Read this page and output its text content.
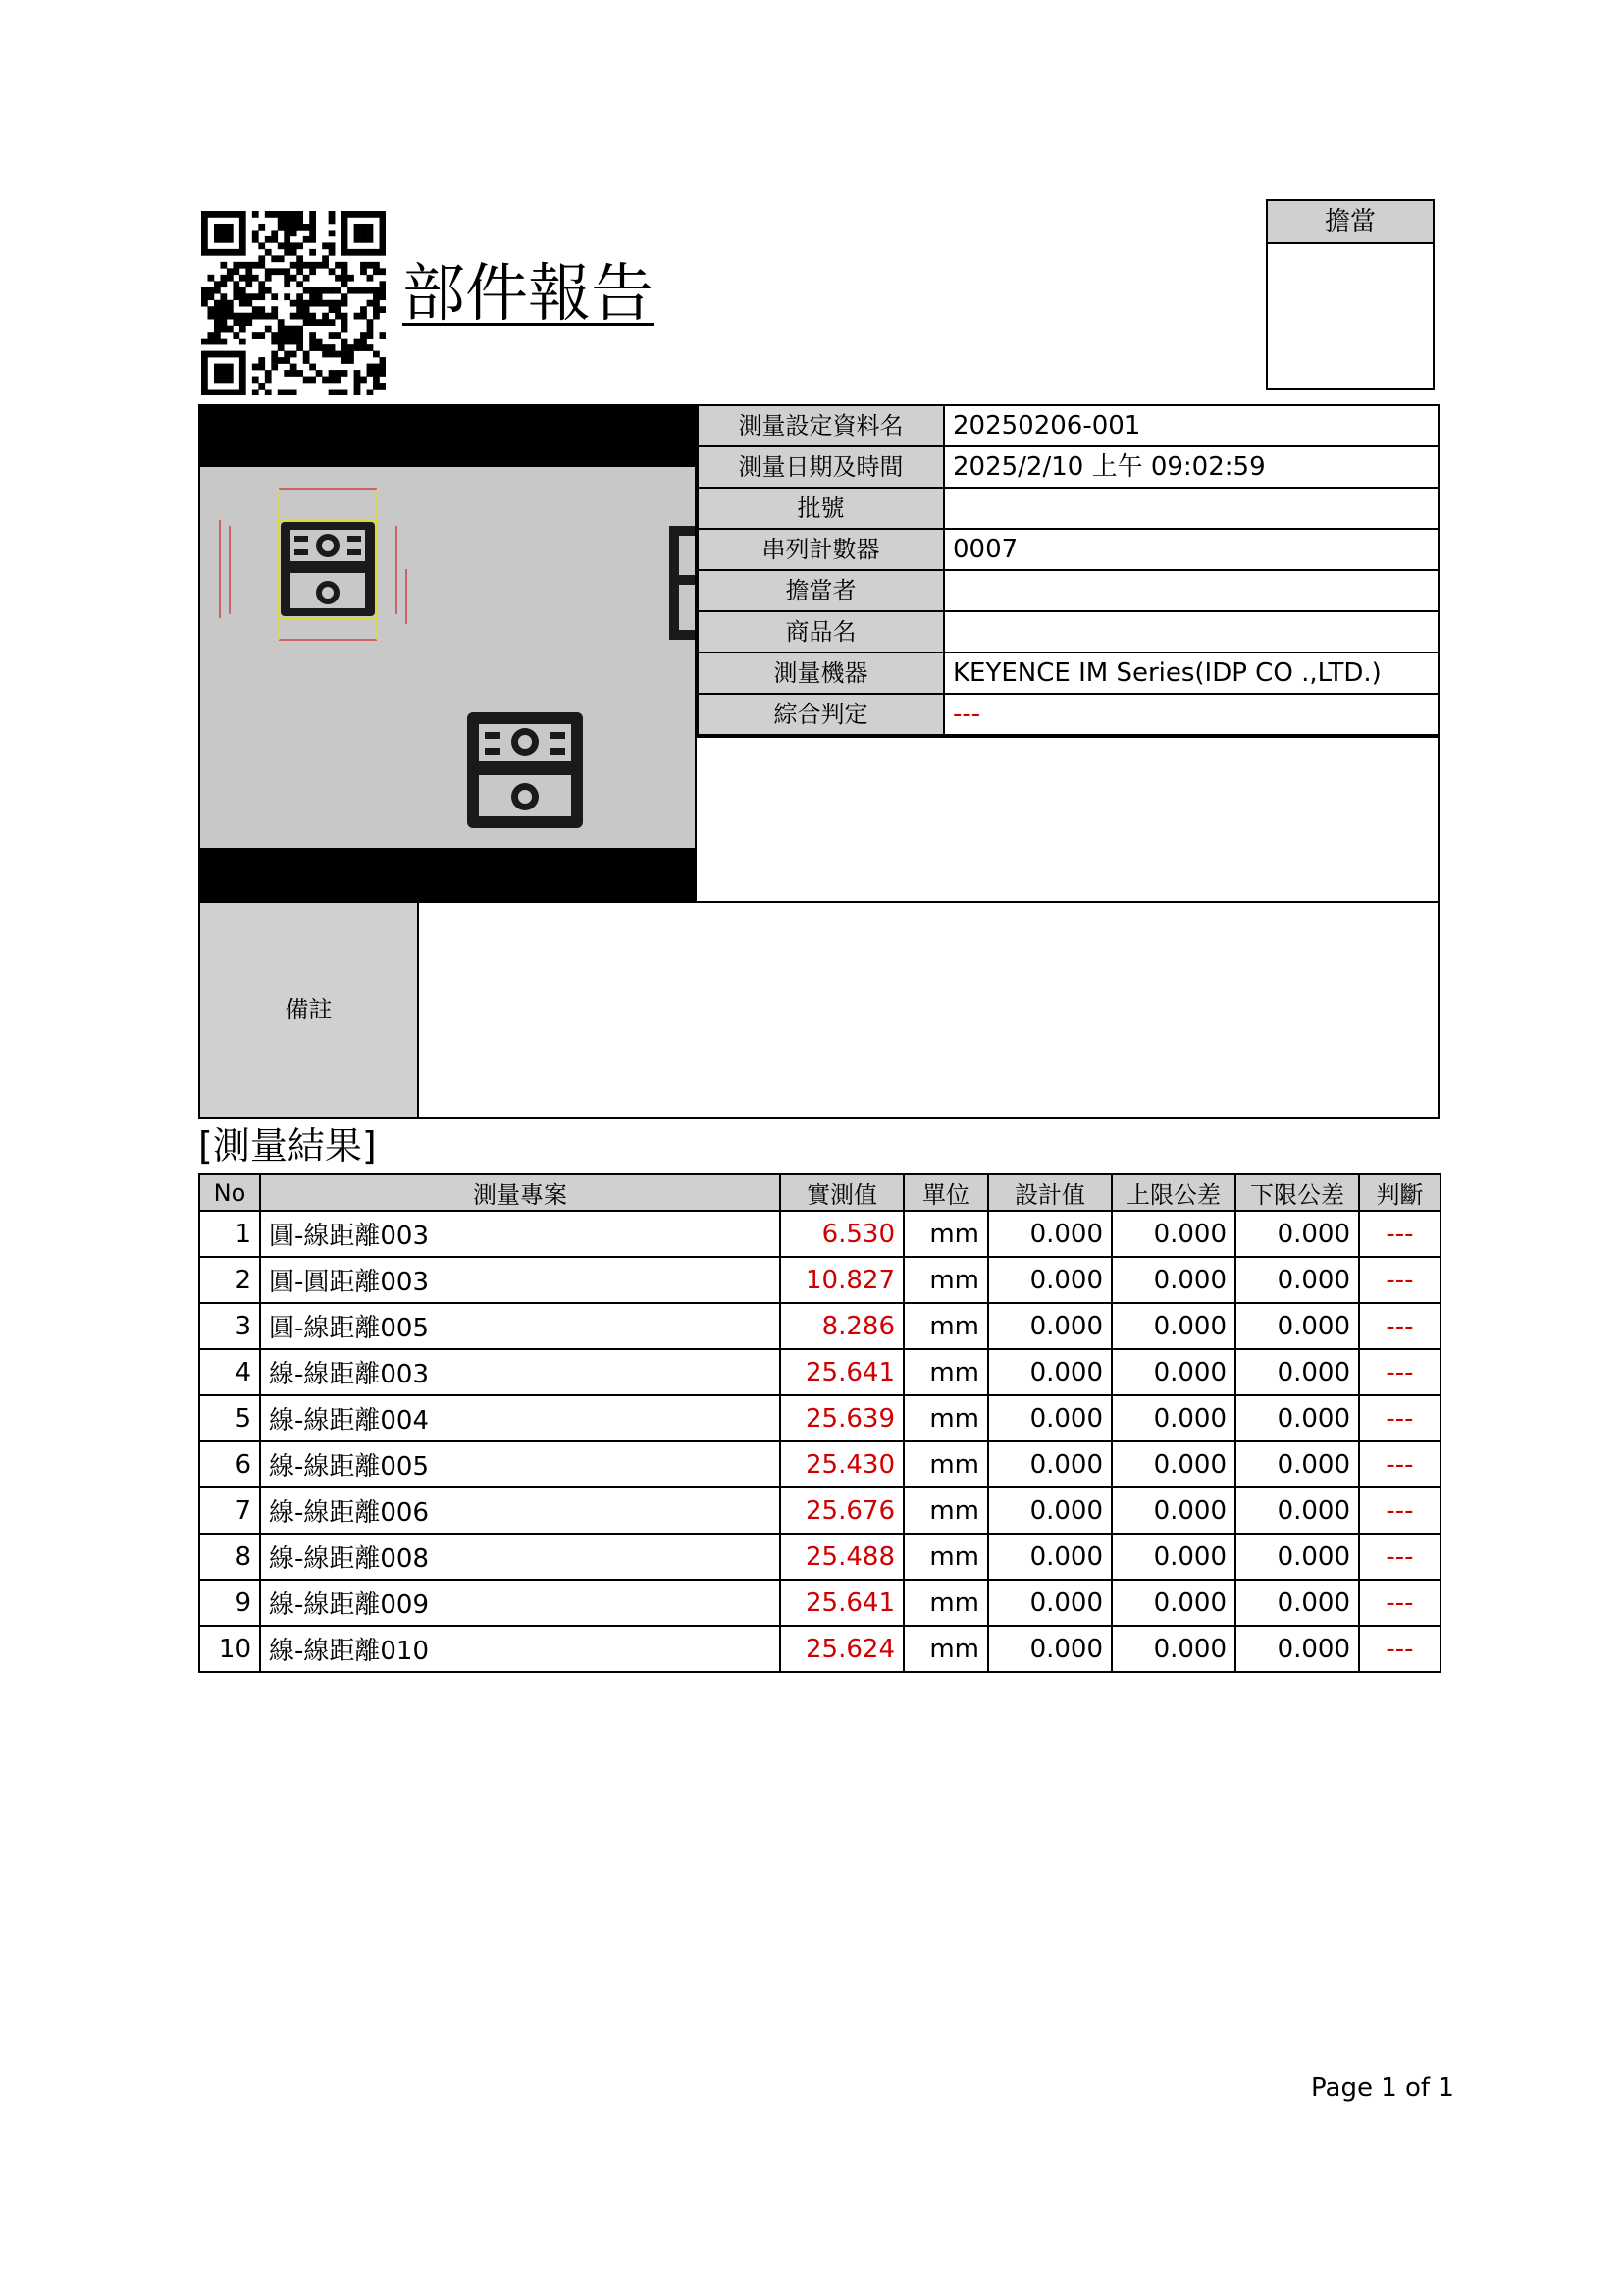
部件報告
擔當
測量設定資料名	20250206-001
測量日期及時間	2025/2/10 上午 09:02:59
批號
串列計數器	0007
擔當者
商品名
測量機器	KEYENCE IM Series(IDP CO .,LTD.)
綜合判定	---
備註
[測量結果]
No	測量專案	實測值	單位	設計值	上限公差	下限公差	判斷
1	圓-線距離003	6.530	mm	0.000	0.000	0.000	---
2	圓-圓距離003	10.827	mm	0.000	0.000	0.000	---
3	圓-線距離005	8.286	mm	0.000	0.000	0.000	---
4	線-線距離003	25.641	mm	0.000	0.000	0.000	---
5	線-線距離004	25.639	mm	0.000	0.000	0.000	---
6	線-線距離005	25.430	mm	0.000	0.000	0.000	---
7	線-線距離006	25.676	mm	0.000	0.000	0.000	---
8	線-線距離008	25.488	mm	0.000	0.000	0.000	---
9	線-線距離009	25.641	mm	0.000	0.000	0.000	---
10	線-線距離010	25.624	mm	0.000	0.000	0.000	---
Page 1 of 1
